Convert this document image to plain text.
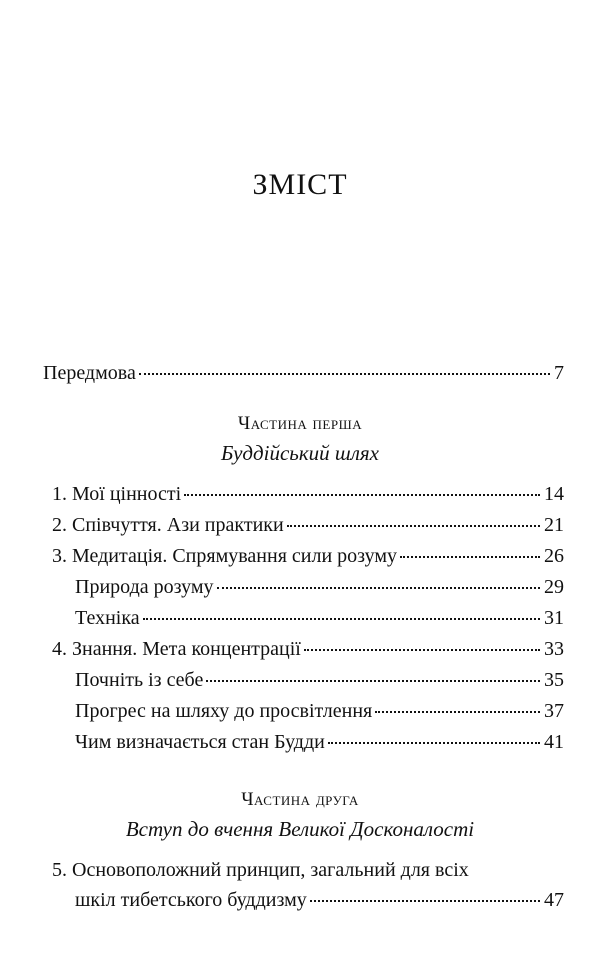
ЗМІСТ
Передмова	7
Частина перша
Буддійський шлях
1. Мої цінності	14
2. Співчуття. Ази практики	21
3. Медитація. Спрямування сили розуму	26
Природа розуму	29
Техніка	31
4. Знання. Мета концентрації	33
Почніть із себе	35
Прогрес на шляху до просвітлення	37
Чим визначається стан Будди	41
Частина друга
Вступ до вчення Великої Досконалості
5. Основоположний принцип, загальний для всіх
шкіл тибетського буддизму	47
